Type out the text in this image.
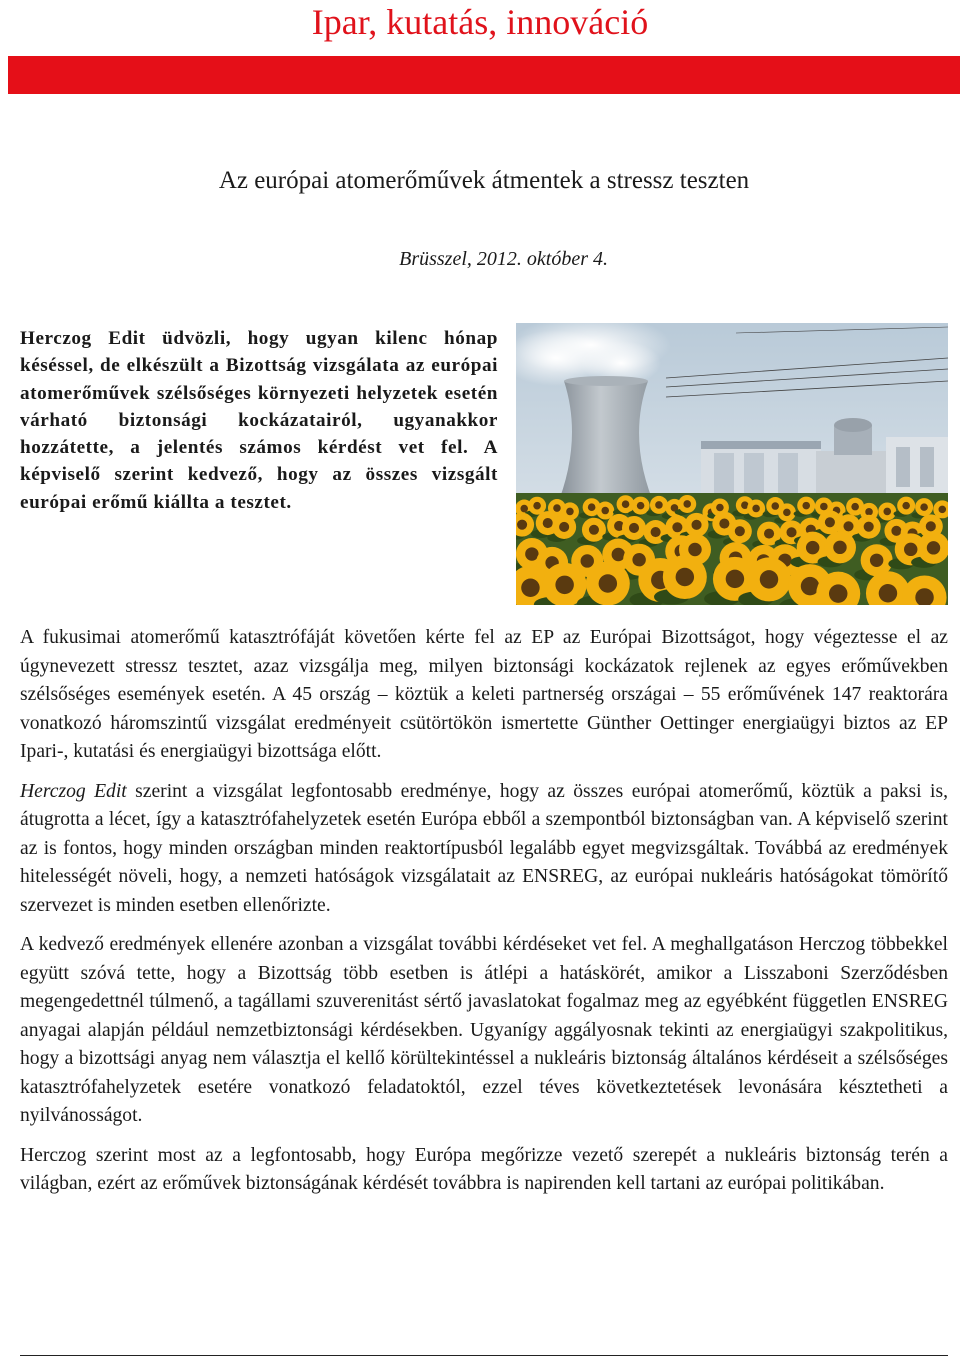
Ipar, kutatás, innováció
Az európai atomerőművek átmentek a stressz teszten
Brüsszel, 2012. október 4.

Herczog Edit üdvözli, hogy ugyan kilenc hónap késéssel, de elkészült a Bizottság vizsgálata az európai atomerőművek szélsőséges környezeti helyzetek esetén várható biztonsági kockázatairól, ugyanakkor hozzátette, a jelentés számos kérdést vet fel. A képviselő szerint kedvező, hogy az összes vizsgált európai erőmű kiállta a tesztet.

A fukusimai atomerőmű katasztrófáját követően kérte fel az EP az Európai Bizottságot, hogy végeztesse el az úgynevezett stressz tesztet, azaz vizsgálja meg, milyen biztonsági kockázatok rejlenek az egyes erőművekben szélsőséges események esetén. A 45 ország – köztük a keleti partnerség országai – 55 erőművének 147 reaktorára vonatkozó háromszintű vizsgálat eredményeit csütörtökön ismertette Günther Oettinger energiaügyi biztos az EP Ipari-, kutatási és energiaügyi bizottsága előtt.

Herczog Edit szerint a vizsgálat legfontosabb eredménye, hogy az összes európai atomerőmű, köztük a paksi is, átugrotta a lécet, így a katasztrófahelyzetek esetén Európa ebből a szempontból biztonságban van. A képviselő szerint az is fontos, hogy minden országban minden reaktortípusból legalább egyet megvizsgáltak. Továbbá az eredmények hitelességét növeli, hogy, a nemzeti hatóságok vizsgálatait az ENSREG, az európai nukleáris hatóságokat tömörítő szervezet is minden esetben ellenőrizte.

A kedvező eredmények ellenére azonban a vizsgálat további kérdéseket vet fel. A meghallgatáson Herczog többekkel együtt szóvá tette, hogy a Bizottság több esetben is átlépi a hatáskörét, amikor a Lisszaboni Szerződésben megengedettnél túlmenő, a tagállami szuverenitást sértő javaslatokat fogalmaz meg az egyébként független ENSREG anyagai alapján például nemzetbiztonsági kérdésekben. Ugyanígy aggályosnak tekinti az energiaügyi szakpolitikus, hogy a bizottsági anyag nem választja el kellő körültekintéssel a nukleáris biztonság általános kérdéseit a szélsőséges katasztrófahelyzetek esetére vonatkozó feladatoktól, ezzel téves következtetések levonására késztetheti a nyilvánosságot.

Herczog szerint most az a legfontosabb, hogy Európa megőrizze vezető szerepét a nukleáris biztonság terén a világban, ezért az erőművek biztonságának kérdését továbbra is napirenden kell tartani az európai politikában.
